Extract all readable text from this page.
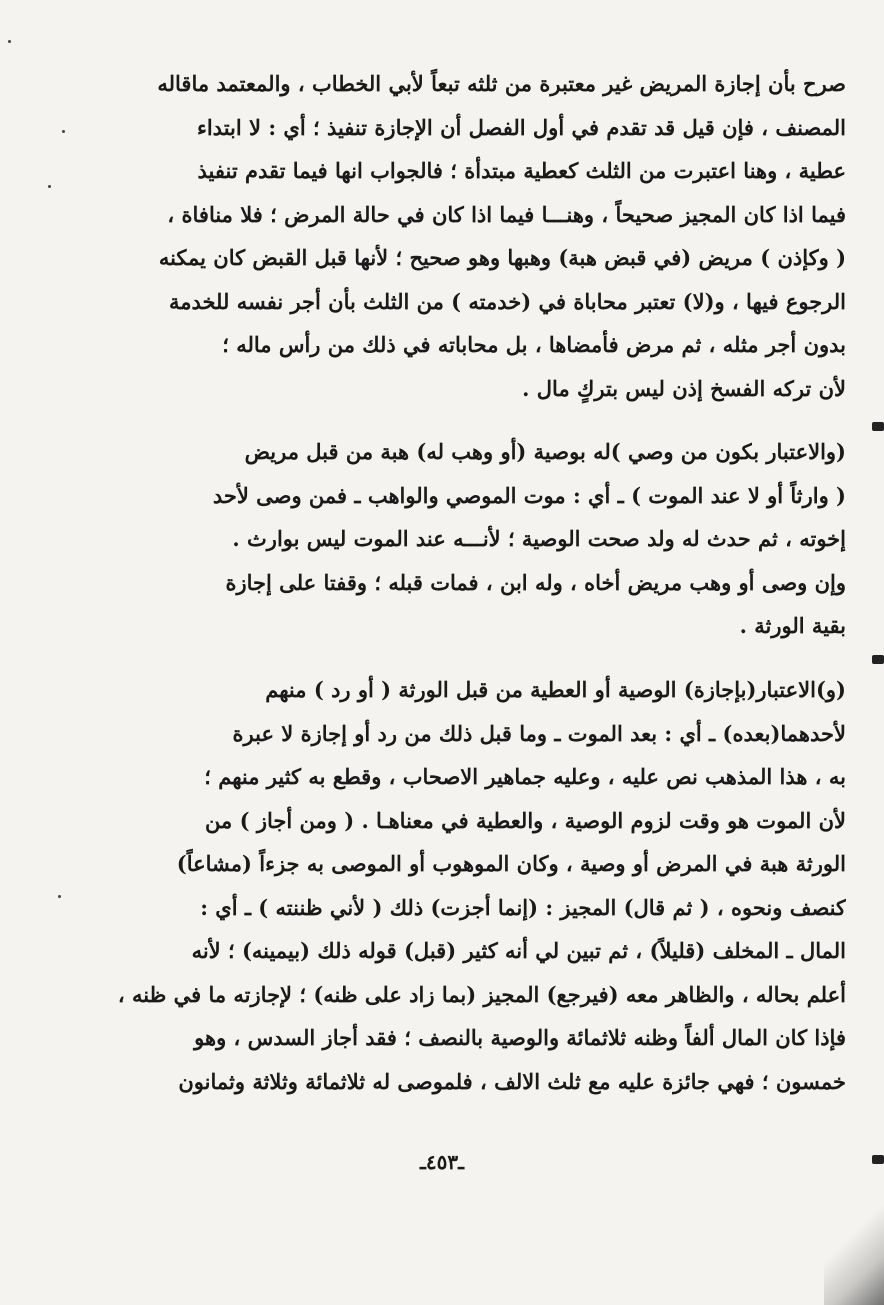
صرح بأن إجازة المريض غير معتبرة من ثلثه تبعاً لأبي الخطاب ، والمعتمد ماقاله
المصنف ، فإن قيل قد تقدم في أول الفصل أن الإجازة تنفيذ ؛ أي : لا ابتداء
عطية ، وهنا اعتبرت من الثلث كعطية مبتدأة ؛ فالجواب انها فيما تقدم تنفيذ
فيما اذا كان المجيز صحيحاً ، وهنـــا فيما اذا كان في حالة المرض ؛ فلا منافاة ،
( وكإذن ) مريض (في قبض هبة) وهبها وهو صحيح ؛ لأنها قبل القبض كان يمكنه
الرجوع فيها ، و(لا) تعتبر محاباة في (خدمته ) من الثلث بأن أجر نفسه للخدمة
بدون أجر مثله ، ثم مرض فأمضاها ، بل محاباته في ذلك من رأس ماله ؛
لأن تركه الفسخ إذن ليس بتركٍ مال .
(والاعتبار بكون من وصي )له بوصية (أو وهب له) هبة من قبل مريض
( وارثاً أو لا عند الموت ) ـ أي : موت الموصي والواهب ـ فمن وصى لأحد
إخوته ، ثم حدث له ولد صحت الوصية ؛ لأنـــه عند الموت ليس بوارث .
وإن وصى أو وهب مريض أخاه ، وله ابن ، فمات قبله ؛ وقفتا على إجازة
بقية الورثة .
(و)الاعتبار(بإجازة) الوصية أو العطية من قبل الورثة ( أو رد ) منهم
لأحدهما(بعده) ـ أي : بعد الموت ـ وما قبل ذلك من رد أو إجازة لا عبرة
به ، هذا المذهب نص عليه ، وعليه جماهير الاصحاب ، وقطع به كثير منهم ؛
لأن الموت هو وقت لزوم الوصية ، والعطية في معناهـا . ( ومن أجاز ) من
الورثة هبة في المرض أو وصية ، وكان الموهوب أو الموصى به جزءاً (مشاعاً)
كنصف ونحوه ، ( ثم قال) المجيز : (إنما أجزت) ذلك ( لأني ظننته ) ـ أي :
المال ـ المخلف (قليلاً) ، ثم تبين لي أنه كثير (قبل) قوله ذلك (بيمينه) ؛ لأنه
أعلم بحاله ، والظاهر معه (فيرجع) المجيز (بما زاد على ظنه) ؛ لإجازته ما في ظنه ،
فإذا كان المال ألفاً وظنه ثلاثمائة والوصية بالنصف ؛ فقد أجاز السدس ، وهو
خمسون ؛ فهي جائزة عليه مع ثلث الالف ، فلموصى له ثلاثمائة وثلاثة وثمانون
ـ٤٥٣ـ
